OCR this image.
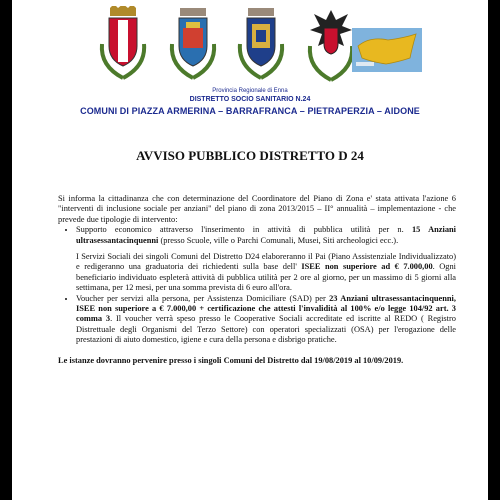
Provincia Regionale di Enna
DISTRETTO SOCIO SANITARIO N.24
COMUNI DI PIAZZA ARMERINA – BARRAFRANCA – PIETRAPERZIA – AIDONE
AVVISO PUBBLICO DISTRETTO D 24

Si informa la cittadinanza che con determinazione del Coordinatore del Piano di Zona e' stata attivata l'azione 6 "interventi di inclusione sociale per anziani" del piano di zona 2013/2015 – II° annualità – implementazione - che prevede due tipologie di intervento:

• Supporto economico attraverso l'inserimento in attività di pubblica utilità per n. 15 Anziani ultrasessantacinquenni (presso Scuole, ville o Parchi Comunali, Musei, Siti archeologici ecc.).

I Servizi Sociali dei singoli Comuni del Distretto D24 elaboreranno il Pai (Piano Assistenziale Individualizzato) e redigeranno una graduatoria dei richiedenti sulla base dell' ISEE non superiore ad € 7.000,00. Ogni beneficiario individuato espleterà attività di pubblica utilità per 2 ore al giorno, per un massimo di 5 giorni alla settimana, per 12 mesi, per una somma prevista di 6 euro all'ora.

• Voucher per servizi alla persona, per Assistenza Domiciliare (SAD) per 23 Anziani ultrasessantacinquenni, ISEE non superiore a € 7.000,00 + certificazione che attesti l'invalidità al 100% e/o legge 104/92 art. 3 comma 3. Il voucher verrà speso presso le Cooperative Sociali accreditate ed iscritte al REDO ( Registro Distrettuale degli Organismi del Terzo Settore) con operatori specializzati (OSA) per l'erogazione delle prestazioni di aiuto domestico, igiene e cura della persona e disbrigo pratiche.

Le istanze dovranno pervenire presso i singoli Comuni del Distretto dal 19/08/2019 al 10/09/2019.
